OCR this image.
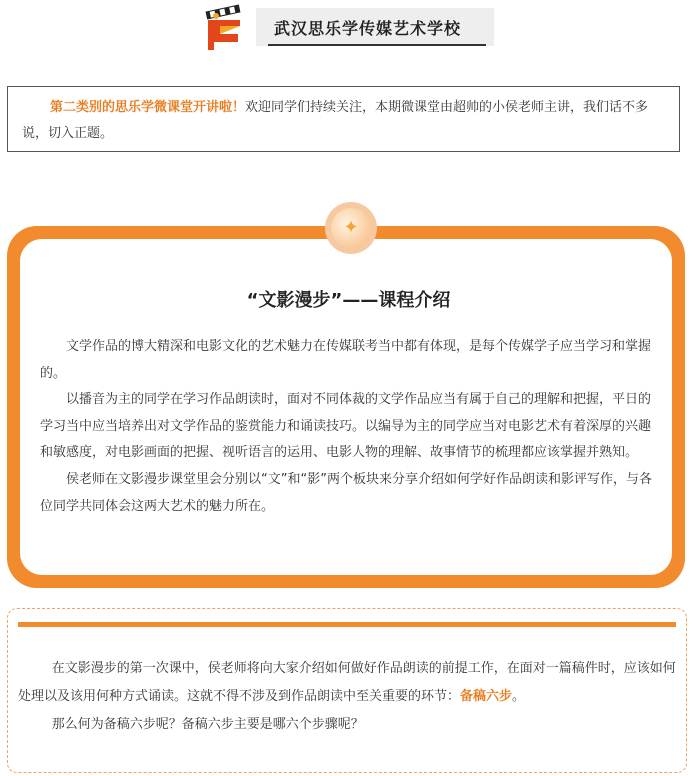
武汉思乐学传媒艺术学校
第二类别的思乐学微课堂开讲啦！欢迎同学们持续关注，本期微课堂由超帅的小侯老师主讲，我们话不多说，切入正题。
✦
“文影漫步”——课程介绍

文学作品的博大精深和电影文化的艺术魅力在传媒联考当中都有体现，是每个传媒学子应当学习和掌握的。

以播音为主的同学在学习作品朗读时，面对不同体裁的文学作品应当有属于自己的理解和把握，平日的学习当中应当培养出对文学作品的鉴赏能力和诵读技巧。以编导为主的同学应当对电影艺术有着深厚的兴趣和敏感度，对电影画面的把握、视听语言的运用、电影人物的理解、故事情节的梳理都应该掌握并熟知。

侯老师在文影漫步课堂里会分别以“文”和“影”两个板块来分享介绍如何学好作品朗读和影评写作，与各位同学共同体会这两大艺术的魅力所在。

在文影漫步的第一次课中，侯老师将向大家介绍如何做好作品朗读的前提工作，在面对一篇稿件时，应该如何处理以及该用何种方式诵读。这就不得不涉及到作品朗读中至关重要的环节：备稿六步。

那么何为备稿六步呢？备稿六步主要是哪六个步骤呢？
